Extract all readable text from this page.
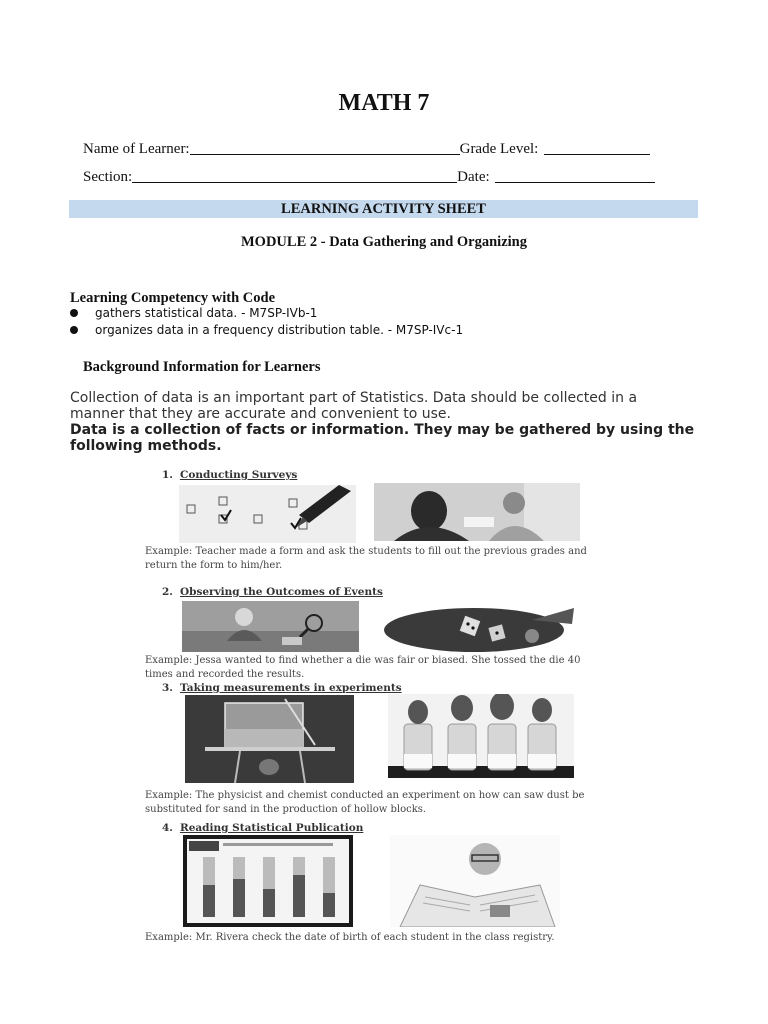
MATH 7
Name of Learner:	Grade Level:
Section:	Date:
LEARNING ACTIVITY SHEET
MODULE 2 - Data Gathering and Organizing
Learning Competency with Code
gathers statistical data. - M7SP-IVb-1
organizes data in a frequency distribution table. - M7SP-IVc-1
Background Information for Learners
Collection of data is an important part of Statistics. Data should be collected in a manner that they are accurate and convenient to use.
Data is a collection of facts or information. They may be gathered by using the following methods.
1. Conducting Surveys
Example: Teacher made a form and ask the students to fill out the previous grades and return the form to him/her.
2. Observing the Outcomes of Events
Example: Jessa wanted to find whether a die was fair or biased. She tossed the die 40 times and recorded the results.
3. Taking measurements in experiments
Example: The physicist and chemist conducted an experiment on how can saw dust be substituted for sand in the production of hollow blocks.
4. Reading Statistical Publication
Example: Mr. Rivera check the date of birth of each student in the class registry.
